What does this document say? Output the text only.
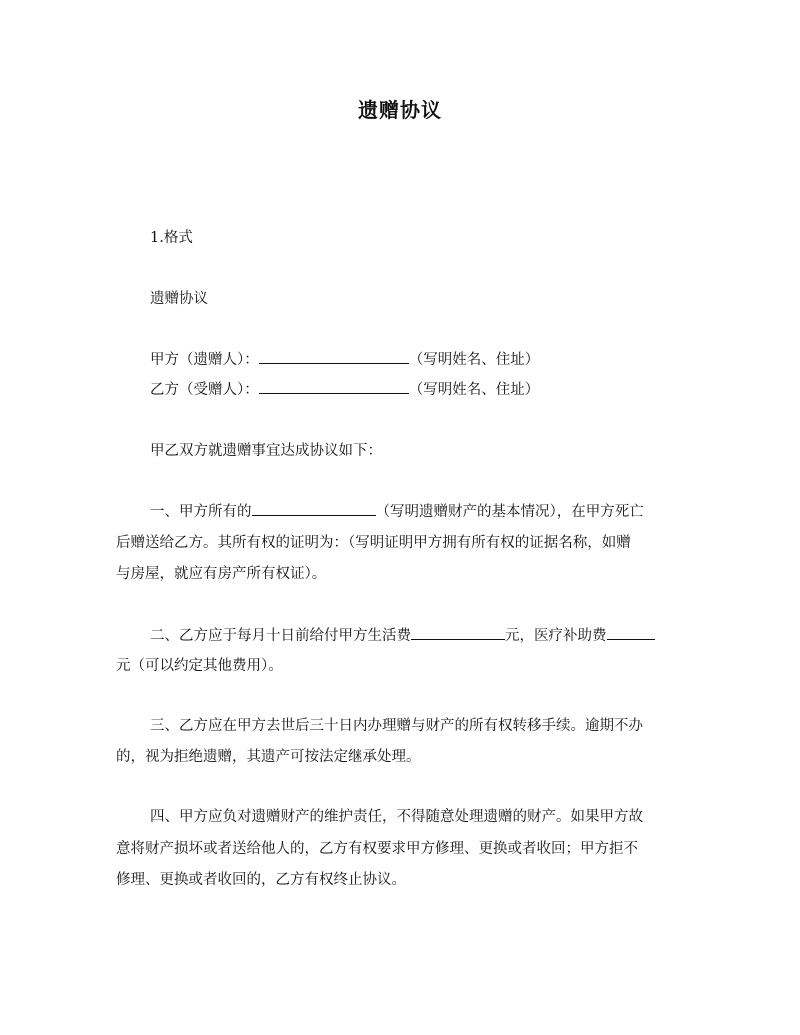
遗赠协议
1.格式
遗赠协议
甲方（遗赠人）：	（写明姓名、住址）
乙方（受赠人）：	（写明姓名、住址）
甲乙双方就遗赠事宜达成协议如下：
一、甲方所有的	（写明遗赠财产的基本情况），在甲方死亡
后赠送给乙方。其所有权的证明为：（写明证明甲方拥有所有权的证据名称，如赠
与房屋，就应有房产所有权证）。
二、乙方应于每月十日前给付甲方生活费	元，医疗补助费
元（可以约定其他费用）。
三、乙方应在甲方去世后三十日内办理赠与财产的所有权转移手续。逾期不办
的，视为拒绝遗赠，其遗产可按法定继承处理。
四、甲方应负对遗赠财产的维护责任，不得随意处理遗赠的财产。如果甲方故
意将财产损坏或者送给他人的，乙方有权要求甲方修理、更换或者收回；甲方拒不
修理、更换或者收回的，乙方有权终止协议。
